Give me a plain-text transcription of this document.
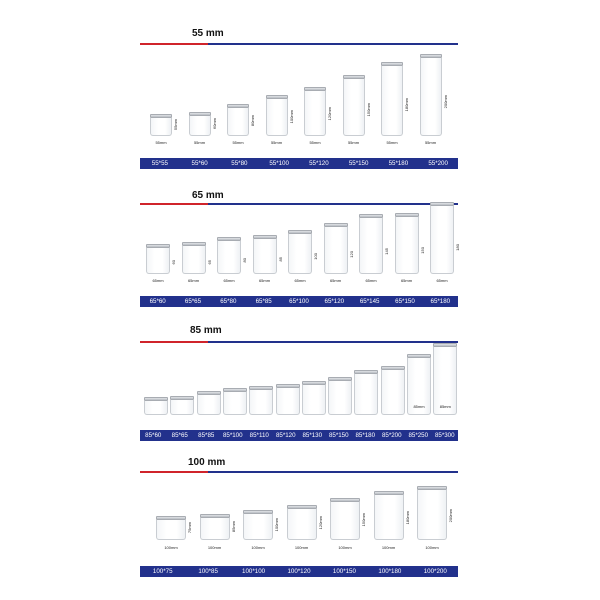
55 mm
55mm
55mm
60mm
55mm
80mm
55mm
100mm
55mm
120mm
55mm
150mm
55mm
180mm
55mm
200mm
55mm
55*55	55*60	55*80	55*100	55*120	55*150	55*180	55*200
65 mm
60
65mm
65
65mm
80
65mm
85
65mm
100
65mm
120
65mm
145
65mm
150
65mm
180
65mm
65*60	65*65	65*80	65*85	65*100	65*120	65*145	65*150	65*180
85 mm
85mm	85mm
85*60	85*65	85*85	85*100	85*110	85*120	85*130	85*150	85*180	85*200	85*250	85*300
100 mm
75mm
100mm
85mm
100mm
100mm
100mm
120mm
100mm
150mm
100mm
180mm
100mm
200mm
100mm
100*75	100*85	100*100	100*120	100*150	100*180	100*200
